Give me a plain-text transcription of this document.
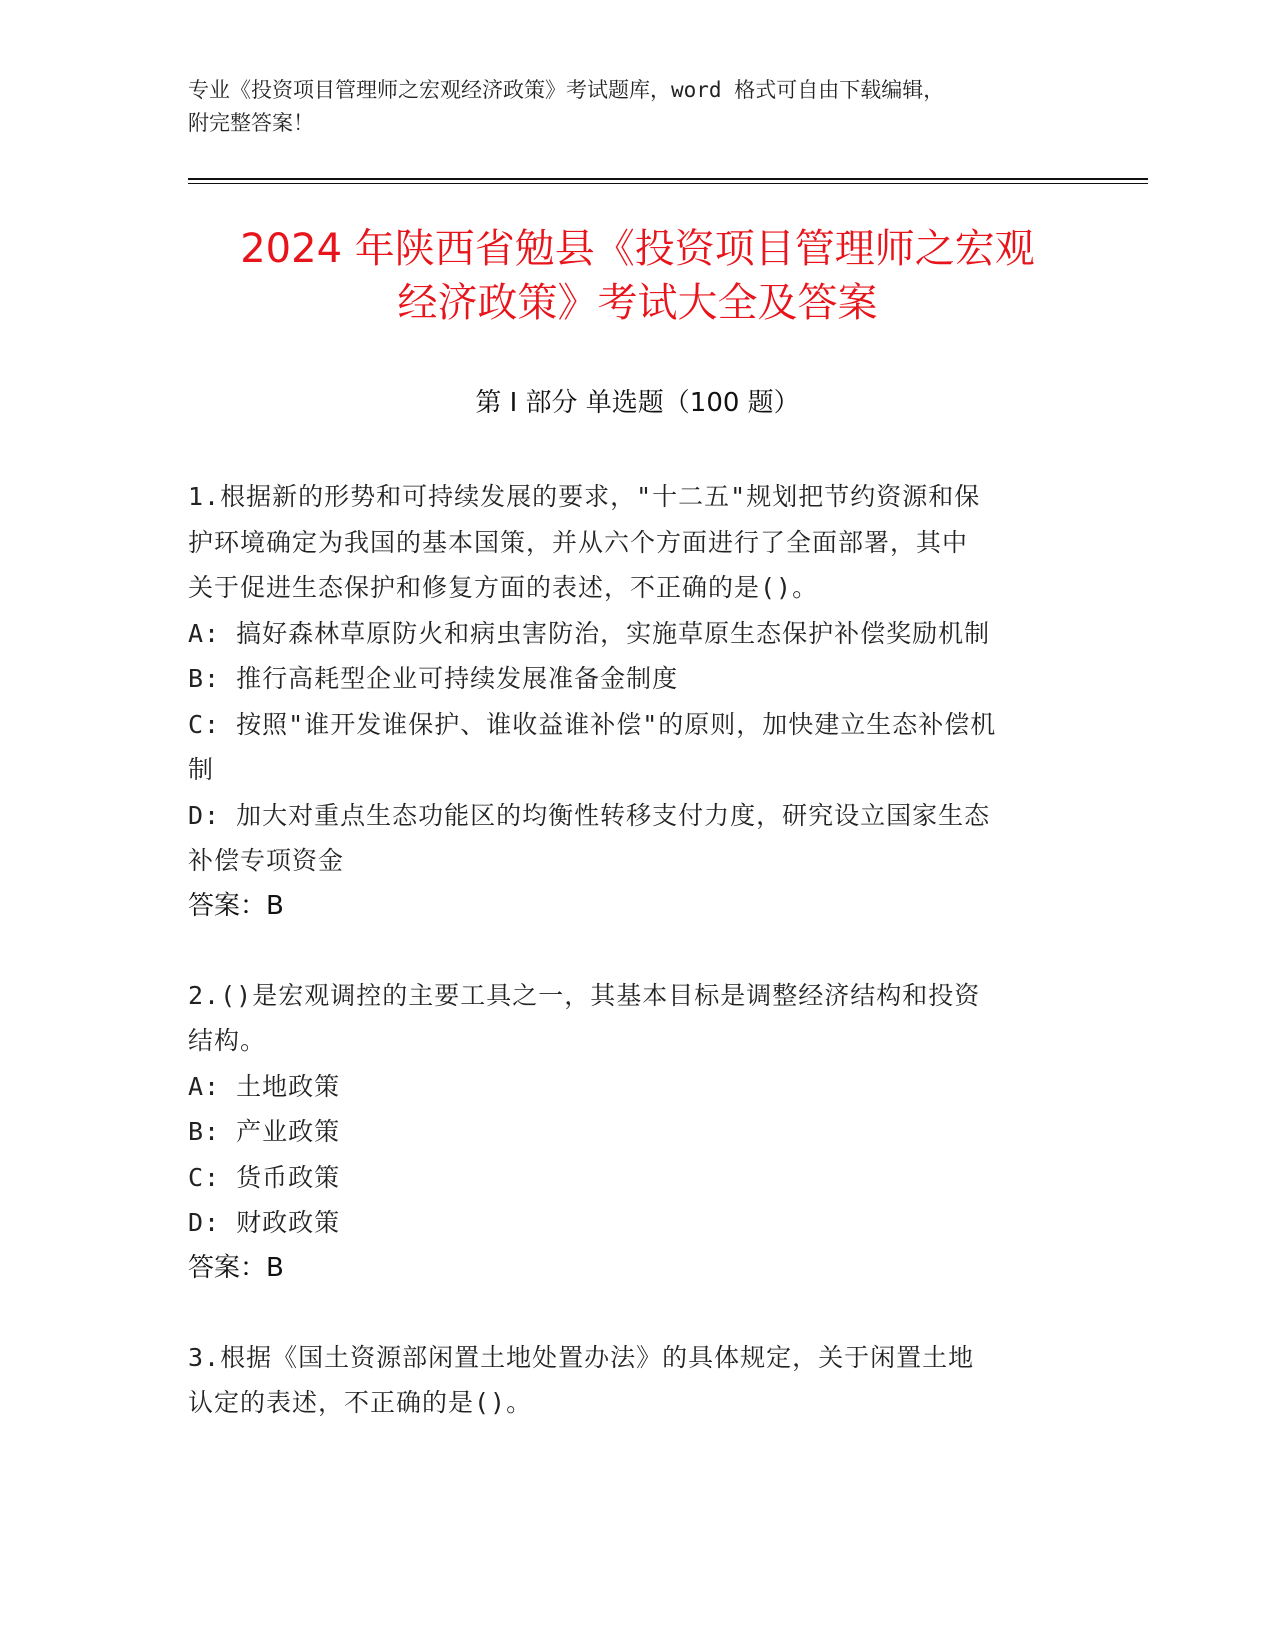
专业《投资项目管理师之宏观经济政策》考试题库，word 格式可自由下载编辑，
附完整答案！
2024 年陕西省勉县《投资项目管理师之宏观
经济政策》考试大全及答案
第 I 部分 单选题（100 题）
1.根据新的形势和可持续发展的要求，"十二五"规划把节约资源和保
护环境确定为我国的基本国策，并从六个方面进行了全面部署，其中
关于促进生态保护和修复方面的表述，不正确的是()。
A: 搞好森林草原防火和病虫害防治，实施草原生态保护补偿奖励机制
B: 推行高耗型企业可持续发展准备金制度
C: 按照"谁开发谁保护、谁收益谁补偿"的原则，加快建立生态补偿机
制
D: 加大对重点生态功能区的均衡性转移支付力度，研究设立国家生态
补偿专项资金
答案：B
2.()是宏观调控的主要工具之一，其基本目标是调整经济结构和投资
结构。
A: 土地政策
B: 产业政策
C: 货币政策
D: 财政政策
答案：B
3.根据《国土资源部闲置土地处置办法》的具体规定，关于闲置土地
认定的表述，不正确的是()。
